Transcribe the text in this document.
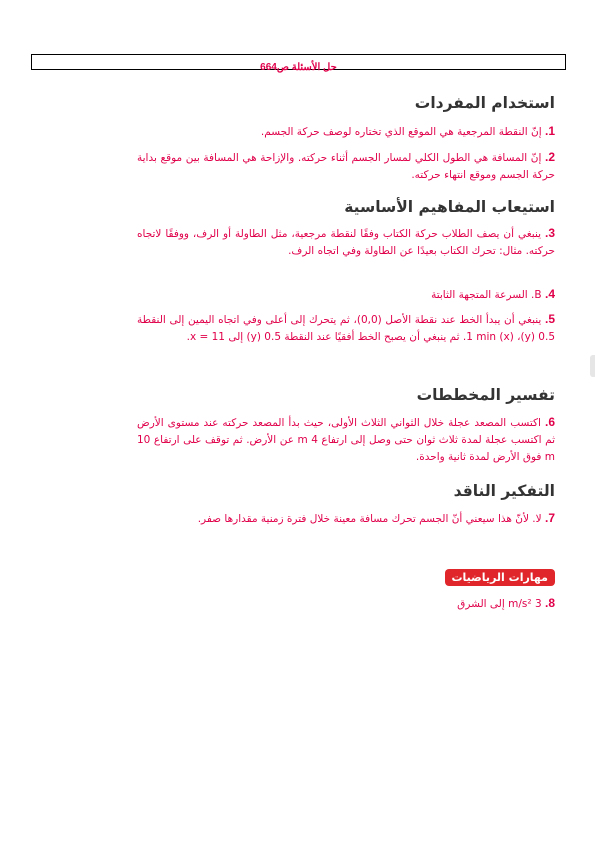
حل الأسئلة ص664
استخدام المفردات
1. إنّ النقطة المرجعية هي الموقع الذي تختاره لوصف حركة الجسم.
2. إنّ المسافة هي الطول الكلي لمسار الجسم أثناء حركته. والإزاحة هي المسافة بين موقع بداية حركة الجسم وموقع انتهاء حركته.
استيعاب المفاهيم الأساسية
3. ينبغي أن يصف الطلاب حركة الكتاب وفقًا لنقطة مرجعية، مثل الطاولة أو الرف، ووفقًا لاتجاه حركته. مثال: تحرك الكتاب بعيدًا عن الطاولة وفي اتجاه الرف.
4. B. السرعة المتجهة الثابتة
5. ينبغي أن يبدأ الخط عند نقطة الأصل (0,0)، ثم يتحرك إلى أعلى وفي اتجاه اليمين إلى النقطة 0.5 (y)، 1 min (x). ثم ينبغي أن يصبح الخط أفقيًا عند النقطة 0.5 (y) إلى x = 11.
تفسير المخططات
6. اكتسب المصعد عجلة خلال الثواني الثلاث الأولى، حيث بدأ المصعد حركته عند مستوى الأرض ثم اكتسب عجلة لمدة ثلاث ثوان حتى وصل إلى ارتفاع 4 m عن الأرض. ثم توقف على ارتفاع 10 m فوق الأرض لمدة ثانية واحدة.
التفكير الناقد
7. لا. لأنّ هذا سيعني أنّ الجسم تحرك مسافة معينة خلال فترة زمنية مقدارها صفر.
مهارات الرياضيات
8. 3 m/s² إلى الشرق
